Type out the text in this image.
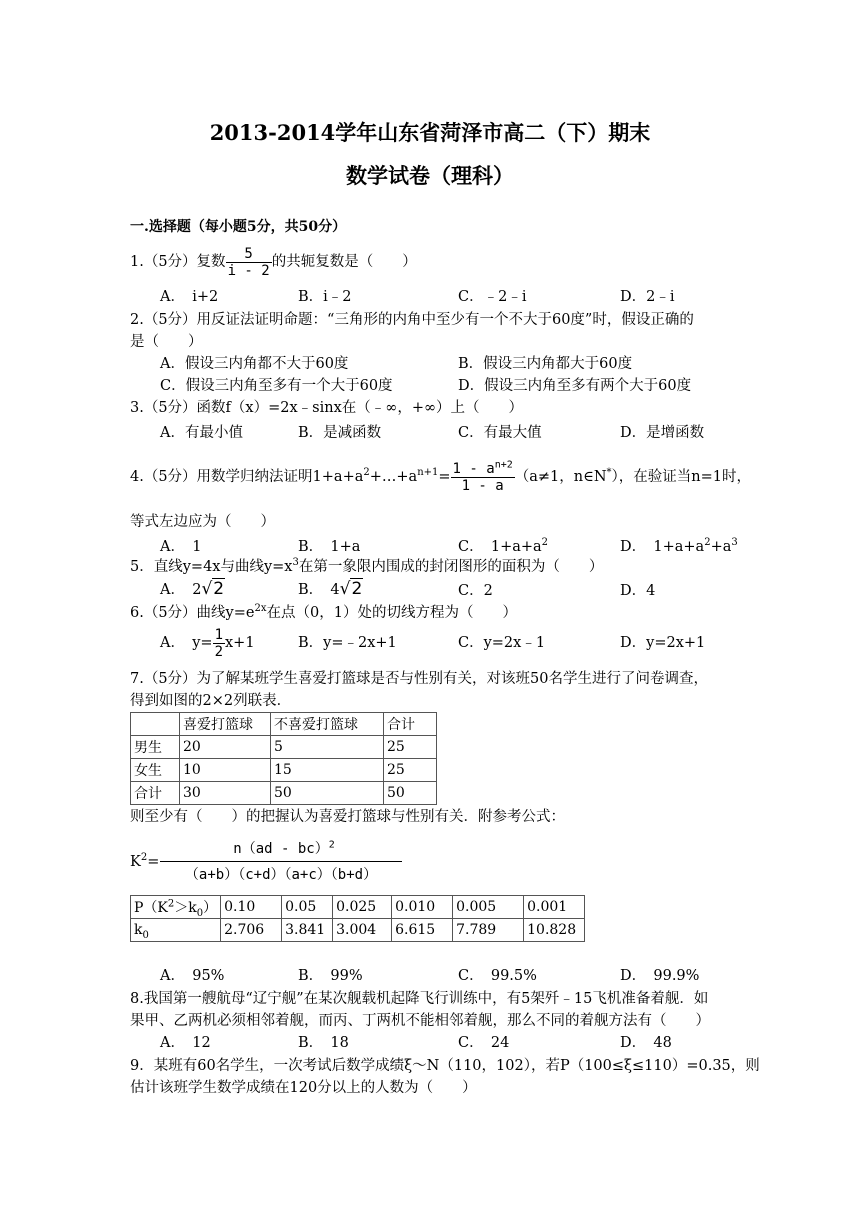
2013-2014学年山东省菏泽市高二（下）期末
数学试卷（理科）
一.选择题（每小题5分，共50分）
1.（5分）复数 $\frac{5}{i - 2}$ 的共轭复数是（　　）
A．　i+2	B．i﹣2	C．﹣2﹣i	D．2﹣i
2.（5分）用反证法证明命题：“三角形的内角中至少有一个不大于60度”时，假设正确的
是（　　）
A．假设三内角都不大于60度	B．假设三内角都大于60度
C．假设三内角至多有一个大于60度	D．假设三内角至多有两个大于60度
3.（5分）函数f（x）=2x﹣sinx在（﹣∞，+∞）上（　　）
A．有最小值	B．是减函数	C．有最大值	D．是增函数
4.（5分）用数学归纳法证明$1+a+a^2+\dots+a^{n+1}= \frac{1 - a^{n+2}}{1 - a} (a\ne 1$，n∈N*），在验证当n=1时，
等式左边应为（　　）
A．　1	B．　1+a	C．　$1+a+a^2$	D．　$1+a+a^2+a^3$
5．直线y=4x与曲线$y=x^3$在第一象限内围成的封闭图形的面积为（　　）
A．　2√2	B．　4√2	C．2	D．4
6.（5分）曲线$y=e^{2x}$在点（0，1）处的切线方程为（　　）
A．　$y= \frac{1}{2} x+1$	B．y=﹣2x+1	C．y=2x﹣1	D．y=2x+1
7.（5分）为了解某班学生喜爱打篮球是否与性别有关，对该班50名学生进行了问卷调查，
得到如图的2×2列联表．
	喜爱打篮球	不喜爱打篮球	合计
男生	20	5	25
女生	10	15	25
合计	30	50	50
则至少有（　　）的把握认为喜爱打篮球与性别有关．附参考公式：
$K^2=$
n（ad - bc）$^2$
（a+b）（c+d）（a+c）（b+d）
$P(K^2>k_0)$	0.10	0.05	0.025	0.010	0.005	0.001
$k_0$	2.706	3.841	3.004	6.615	7.789	10.828
A．　95%	B．　99%	C．　99.5%	D．　99.9%
8.我国第一艘航母“辽宁舰”在某次舰载机起降飞行训练中，有5架歼﹣15飞机准备着舰．如
果甲、乙两机必须相邻着舰，而丙、丁两机不能相邻着舰，那么不同的着舰方法有（　　）
A．　12	B．　18	C．　24	D．　48
9．某班有60名学生，一次考试后数学成绩ξ～N（110，102），若P（100≤ξ≤110）=0.35，则
估计该班学生数学成绩在120分以上的人数为（　　）
